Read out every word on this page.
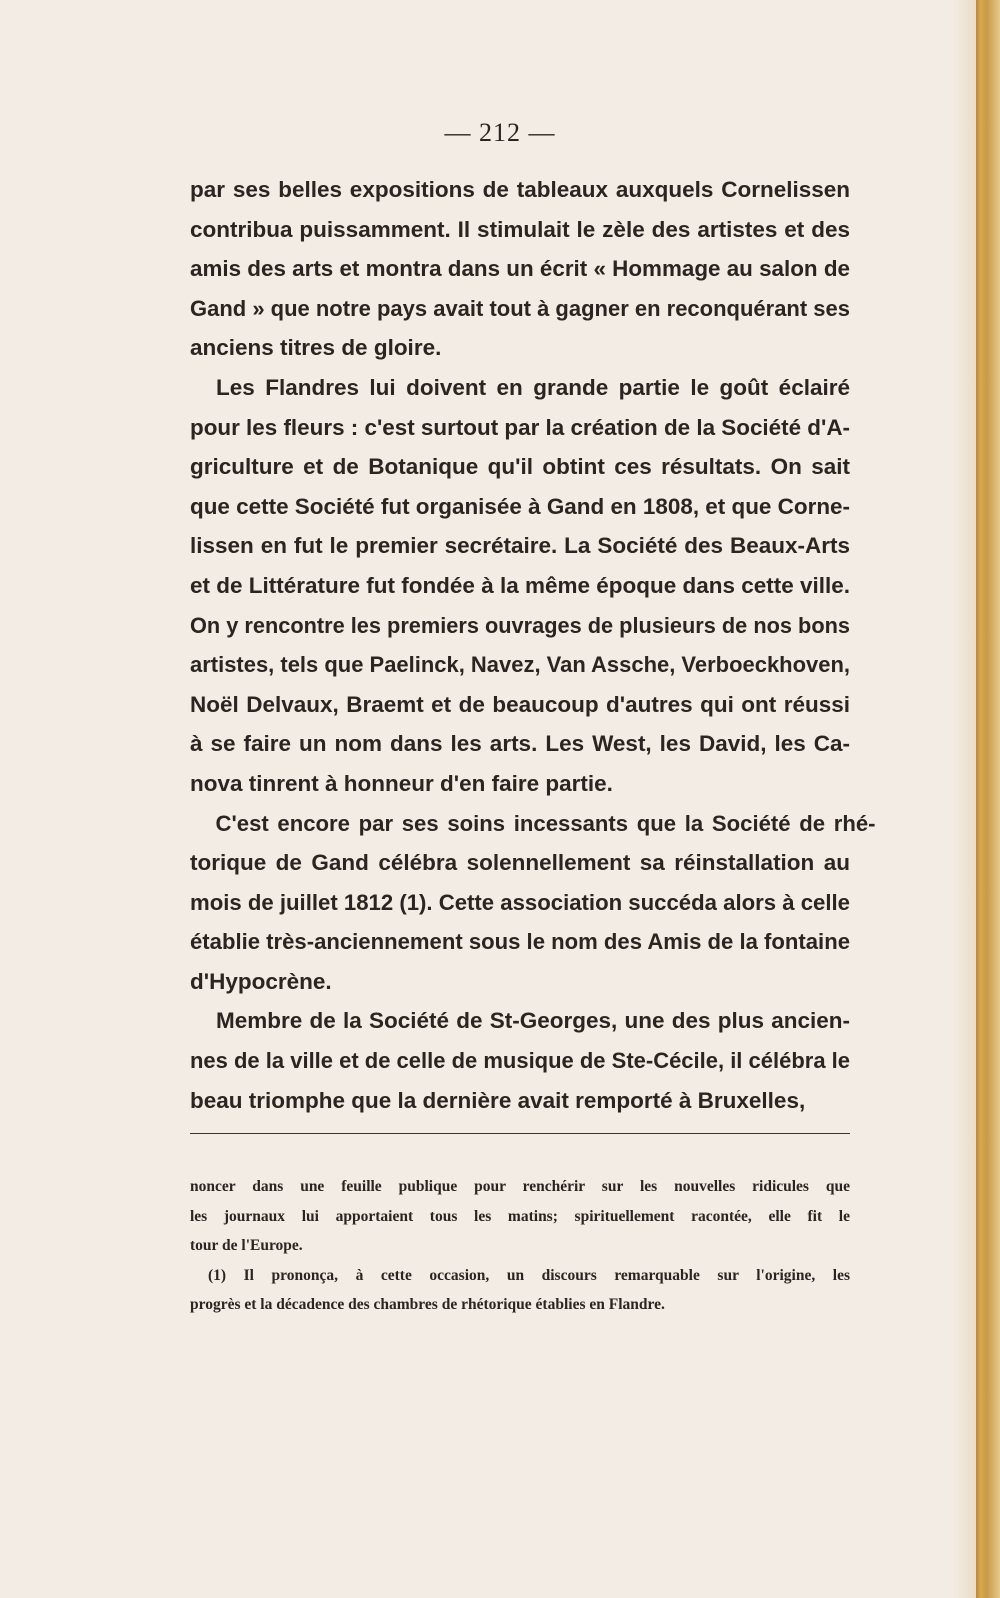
— 212 —
par ses belles expositions de tableaux auxquels Cornelissen
contribua puissamment. Il stimulait le zèle des artistes et des
amis des arts et montra dans un écrit « Hommage au salon de
Gand » que notre pays avait tout à gagner en reconquérant ses
anciens titres de gloire.
Les Flandres lui doivent en grande partie le goût éclairé
pour les fleurs : c'est surtout par la création de la Société d'A-
griculture et de Botanique qu'il obtint ces résultats. On sait
que cette Société fut organisée à Gand en 1808, et que Corne-
lissen en fut le premier secrétaire. La Société des Beaux-Arts
et de Littérature fut fondée à la même époque dans cette ville.
On y rencontre les premiers ouvrages de plusieurs de nos bons
artistes, tels que Paelinck, Navez, Van Assche, Verboeckhoven,
Noël Delvaux, Braemt et de beaucoup d'autres qui ont réussi
à se faire un nom dans les arts. Les West, les David, les Ca-
nova tinrent à honneur d'en faire partie.
C'est encore par ses soins incessants que la Société de rhé-
torique de Gand célébra solennellement sa réinstallation au
mois de juillet 1812 (1). Cette association succéda alors à celle
établie très-anciennement sous le nom des Amis de la fontaine
d'Hypocrène.
Membre de la Société de St-Georges, une des plus ancien-
nes de la ville et de celle de musique de Ste-Cécile, il célébra le
beau triomphe que la dernière avait remporté à Bruxelles,
noncer dans une feuille publique pour renchérir sur les nouvelles ridicules que
les journaux lui apportaient tous les matins; spirituellement racontée, elle fit le
tour de l'Europe.
(1) Il prononça, à cette occasion, un discours remarquable sur l'origine, les
progrès et la décadence des chambres de rhétorique établies en Flandre.
